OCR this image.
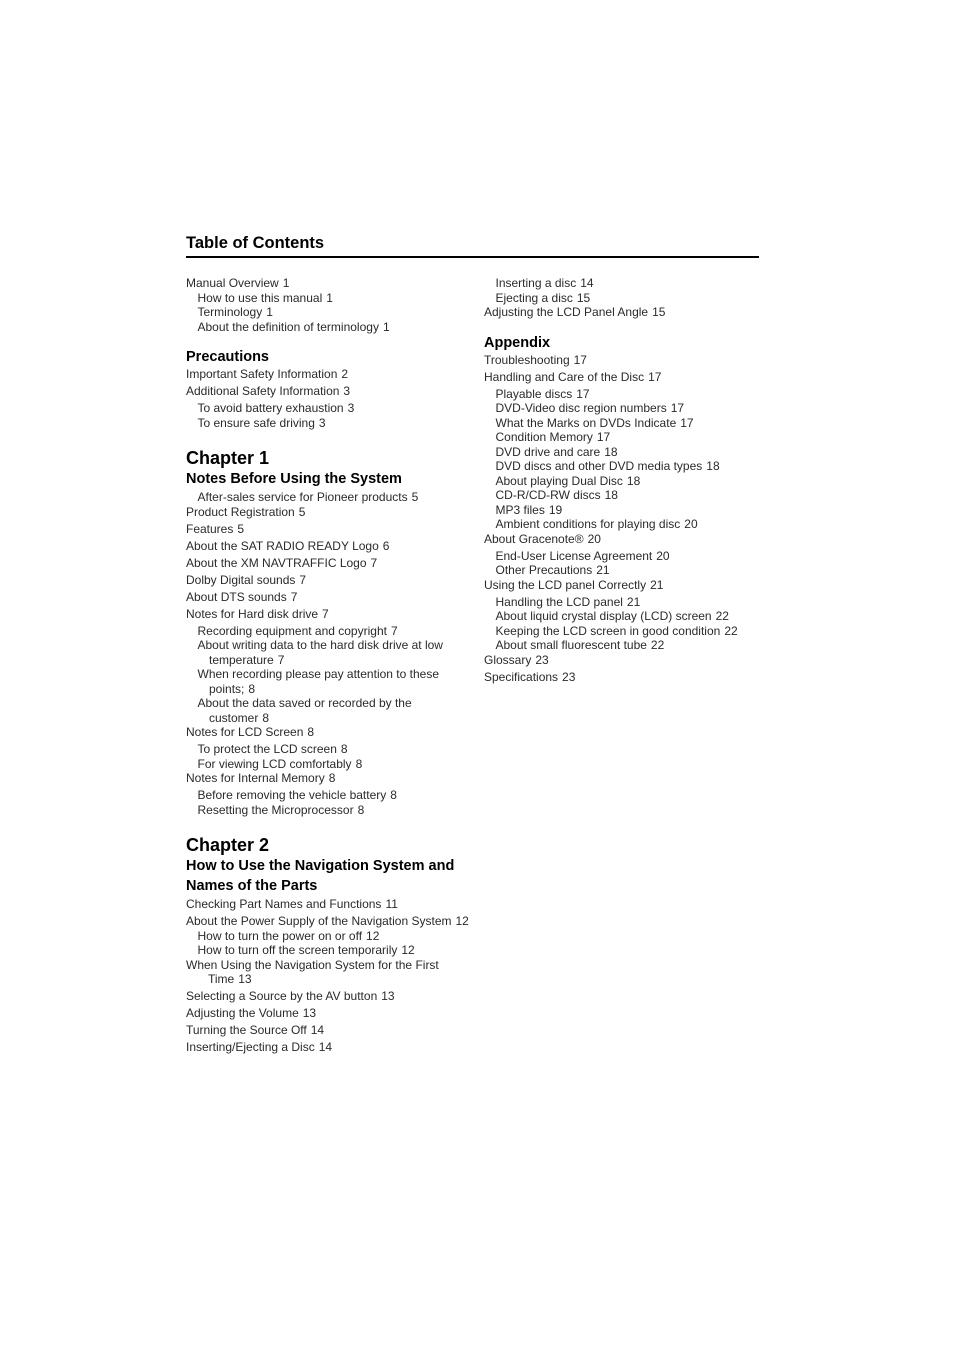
Table of Contents
Manual Overview 1
How to use this manual 1
Terminology 1
About the definition of terminology 1
Precautions
Important Safety Information 2
Additional Safety Information 3
To avoid battery exhaustion 3
To ensure safe driving 3
Chapter 1
Notes Before Using the System
After-sales service for Pioneer products 5
Product Registration 5
Features 5
About the SAT RADIO READY Logo 6
About the XM NAVTRAFFIC Logo 7
Dolby Digital sounds 7
About DTS sounds 7
Notes for Hard disk drive 7
Recording equipment and copyright 7
About writing data to the hard disk drive at low temperature 7
When recording please pay attention to these points; 8
About the data saved or recorded by the customer 8
Notes for LCD Screen 8
To protect the LCD screen 8
For viewing LCD comfortably 8
Notes for Internal Memory 8
Before removing the vehicle battery 8
Resetting the Microprocessor 8
Chapter 2
How to Use the Navigation System and Names of the Parts
Checking Part Names and Functions 11
About the Power Supply of the Navigation System 12
How to turn the power on or off 12
How to turn off the screen temporarily 12
When Using the Navigation System for the First Time 13
Selecting a Source by the AV button 13
Adjusting the Volume 13
Turning the Source Off 14
Inserting/Ejecting a Disc 14
Inserting a disc 14
Ejecting a disc 15
Adjusting the LCD Panel Angle 15
Appendix
Troubleshooting 17
Handling and Care of the Disc 17
Playable discs 17
DVD-Video disc region numbers 17
What the Marks on DVDs Indicate 17
Condition Memory 17
DVD drive and care 18
DVD discs and other DVD media types 18
About playing Dual Disc 18
CD-R/CD-RW discs 18
MP3 files 19
Ambient conditions for playing disc 20
About Gracenote® 20
End-User License Agreement 20
Other Precautions 21
Using the LCD panel Correctly 21
Handling the LCD panel 21
About liquid crystal display (LCD) screen 22
Keeping the LCD screen in good condition 22
About small fluorescent tube 22
Glossary 23
Specifications 23
